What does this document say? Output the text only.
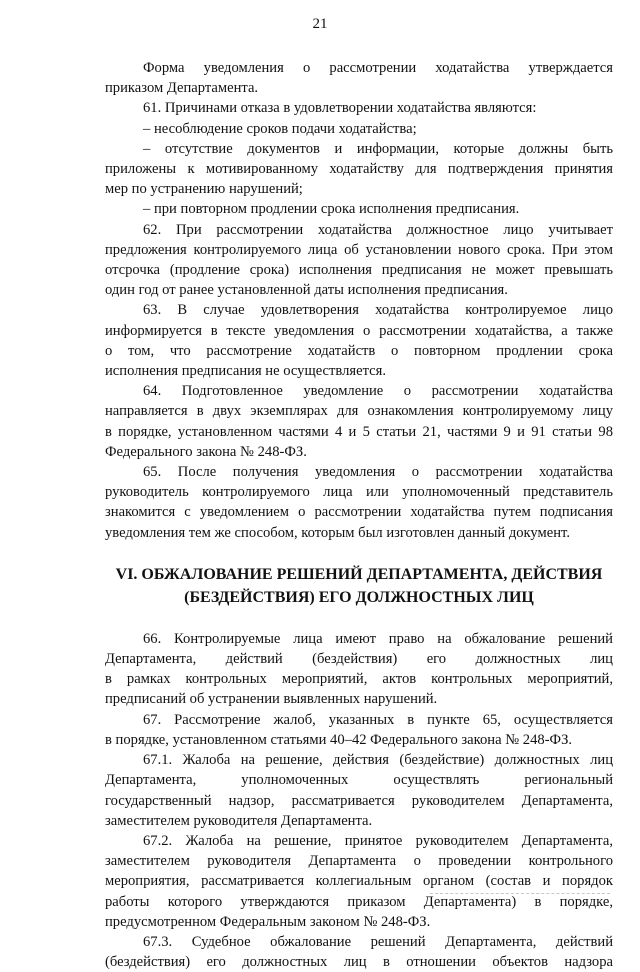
21

Форма уведомления о рассмотрении ходатайства утверждается

приказом Департамента.

61. Причинами отказа в удовлетворении ходатайства являются:

– несоблюдение сроков подачи ходатайства;

– отсутствие документов и информации, которые должны быть

приложены к мотивированному ходатайству для подтверждения принятия

мер по устранению нарушений;

– при повторном продлении срока исполнения предписания.

62. При рассмотрении ходатайства должностное лицо учитывает

предложения контролируемого лица об установлении нового срока. При этом

отсрочка (продление срока) исполнения предписания не может превышать

один год от ранее установленной даты исполнения предписания.

63. В случае удовлетворения ходатайства контролируемое лицо

информируется в тексте уведомления о рассмотрении ходатайства, а также

о том, что рассмотрение ходатайств о повторном продлении срока

исполнения предписания не осуществляется.

64. Подготовленное уведомление о рассмотрении ходатайства

направляется в двух экземплярах для ознакомления контролируемому лицу

в порядке, установленном частями 4 и 5 статьи 21, частями 9 и 91 статьи 98

Федерального закона № 248-ФЗ.

65. После получения уведомления о рассмотрении ходатайства

руководитель контролируемого лица или уполномоченный представитель

знакомится с уведомлением о рассмотрении ходатайства путем подписания

уведомления тем же способом, которым был изготовлен данный документ.

VI. ОБЖАЛОВАНИЕ РЕШЕНИЙ ДЕПАРТАМЕНТА, ДЕЙСТВИЯ
(БЕЗДЕЙСТВИЯ) ЕГО ДОЛЖНОСТНЫХ ЛИЦ

66. Контролируемые лица имеют право на обжалование решений

Департамента, действий (бездействия) его должностных лиц

в рамках контрольных мероприятий, актов контрольных мероприятий,

предписаний об устранении выявленных нарушений.

67. Рассмотрение жалоб, указанных в пункте 65, осуществляется

в порядке, установленном статьями 40–42 Федерального закона № 248-ФЗ.

67.1. Жалоба на решение, действия (бездействие) должностных лиц

Департамента, уполномоченных осуществлять региональный

государственный надзор, рассматривается руководителем Департамента,

заместителем руководителя Департамента.

67.2. Жалоба на решение, принятое руководителем Департамента,

заместителем руководителя Департамента о проведении контрольного

мероприятия, рассматривается коллегиальным органом (состав и порядок

работы которого утверждаются приказом Департамента) в порядке,

предусмотренном Федеральным законом № 248-ФЗ.

67.3. Судебное обжалование решений Департамента, действий

(бездействия) его должностных лиц в отношении объектов надзора
